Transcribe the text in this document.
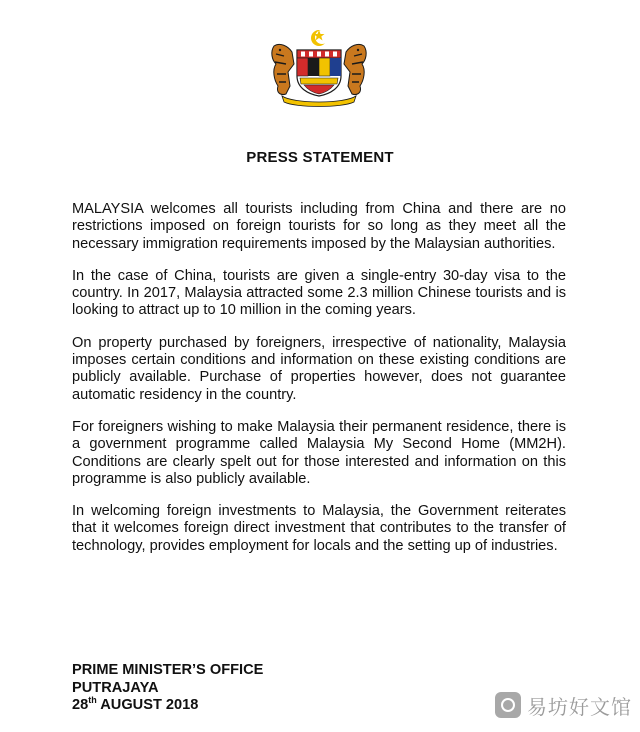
PRESS STATEMENT

MALAYSIA welcomes all tourists including from China and there are no restrictions imposed on foreign tourists for so long as they meet all the necessary immigration requirements imposed by the Malaysian authorities.

In the case of China, tourists are given a single-entry 30-day visa to the country. In 2017, Malaysia attracted some 2.3 million Chinese tourists and is looking to attract up to 10 million in the coming years.

On property purchased by foreigners, irrespective of nationality, Malaysia imposes certain conditions and information on these existing conditions are publicly available. Purchase of properties however, does not guarantee automatic residency in the country.

For foreigners wishing to make Malaysia their permanent residence, there is a government programme called Malaysia My Second Home (MM2H). Conditions are clearly spelt out for those interested and information on this programme is also publicly available.

In welcoming foreign investments to Malaysia, the Government reiterates that it welcomes foreign direct investment that contributes to the transfer of technology, provides employment for locals and the setting up of industries.

PRIME MINISTER’S OFFICE
PUTRAJAYA
28th AUGUST 2018	易坊好文馆
